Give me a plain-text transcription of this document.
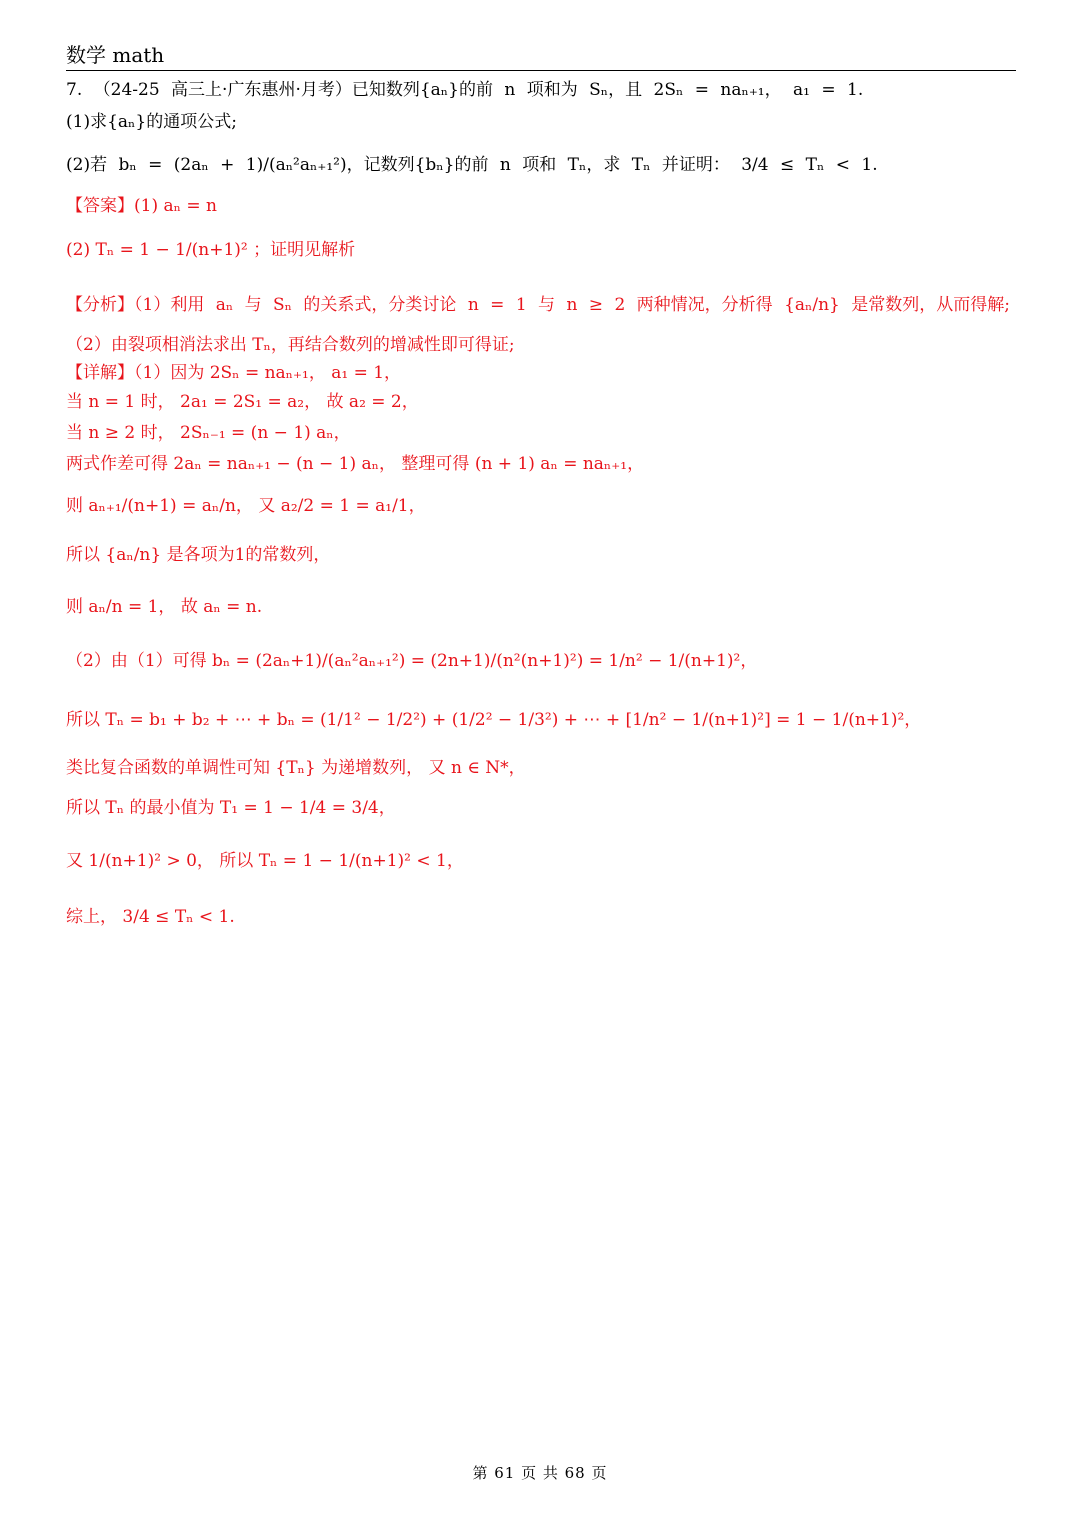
数学 math
7. （24-25 高三上·广东惠州·月考）已知数列{aₙ}的前 n 项和为 Sₙ，且 2Sₙ = naₙ₊₁， a₁ = 1.
(1)求{aₙ}的通项公式;
(2)若 bₙ = (2aₙ + 1)/(aₙ²aₙ₊₁²)，记数列{bₙ}的前 n 项和 Tₙ，求 Tₙ 并证明： 3/4 ≤ Tₙ < 1.
【答案】(1) aₙ = n
(2) Tₙ = 1 − 1/(n+1)² ；证明见解析
【分析】（1）利用 aₙ 与 Sₙ 的关系式，分类讨论 n = 1 与 n ≥ 2 两种情况，分析得 {aₙ/n} 是常数列，从而得解;
（2）由裂项相消法求出 Tₙ，再结合数列的增减性即可得证;
【详解】（1）因为 2Sₙ = naₙ₊₁， a₁ = 1，
当 n = 1 时， 2a₁ = 2S₁ = a₂， 故 a₂ = 2，
当 n ≥ 2 时， 2Sₙ₋₁ = (n − 1) aₙ，
两式作差可得 2aₙ = naₙ₊₁ − (n − 1) aₙ， 整理可得 (n + 1) aₙ = naₙ₊₁，
则 aₙ₊₁/(n+1) = aₙ/n， 又 a₂/2 = 1 = a₁/1，
所以 {aₙ/n} 是各项为1的常数列，
则 aₙ/n = 1， 故 aₙ = n.
（2）由（1）可得 bₙ = (2aₙ+1)/(aₙ²aₙ₊₁²) = (2n+1)/(n²(n+1)²) = 1/n² − 1/(n+1)²，
所以 Tₙ = b₁ + b₂ + ⋯ + bₙ = (1/1² − 1/2²) + (1/2² − 1/3²) + ⋯ + [1/n² − 1/(n+1)²] = 1 − 1/(n+1)²，
类比复合函数的单调性可知 {Tₙ} 为递增数列， 又 n ∈ N*，
所以 Tₙ 的最小值为 T₁ = 1 − 1/4 = 3/4，
又 1/(n+1)² > 0， 所以 Tₙ = 1 − 1/(n+1)² < 1，
综上， 3/4 ≤ Tₙ < 1.
第 61 页 共 68 页
